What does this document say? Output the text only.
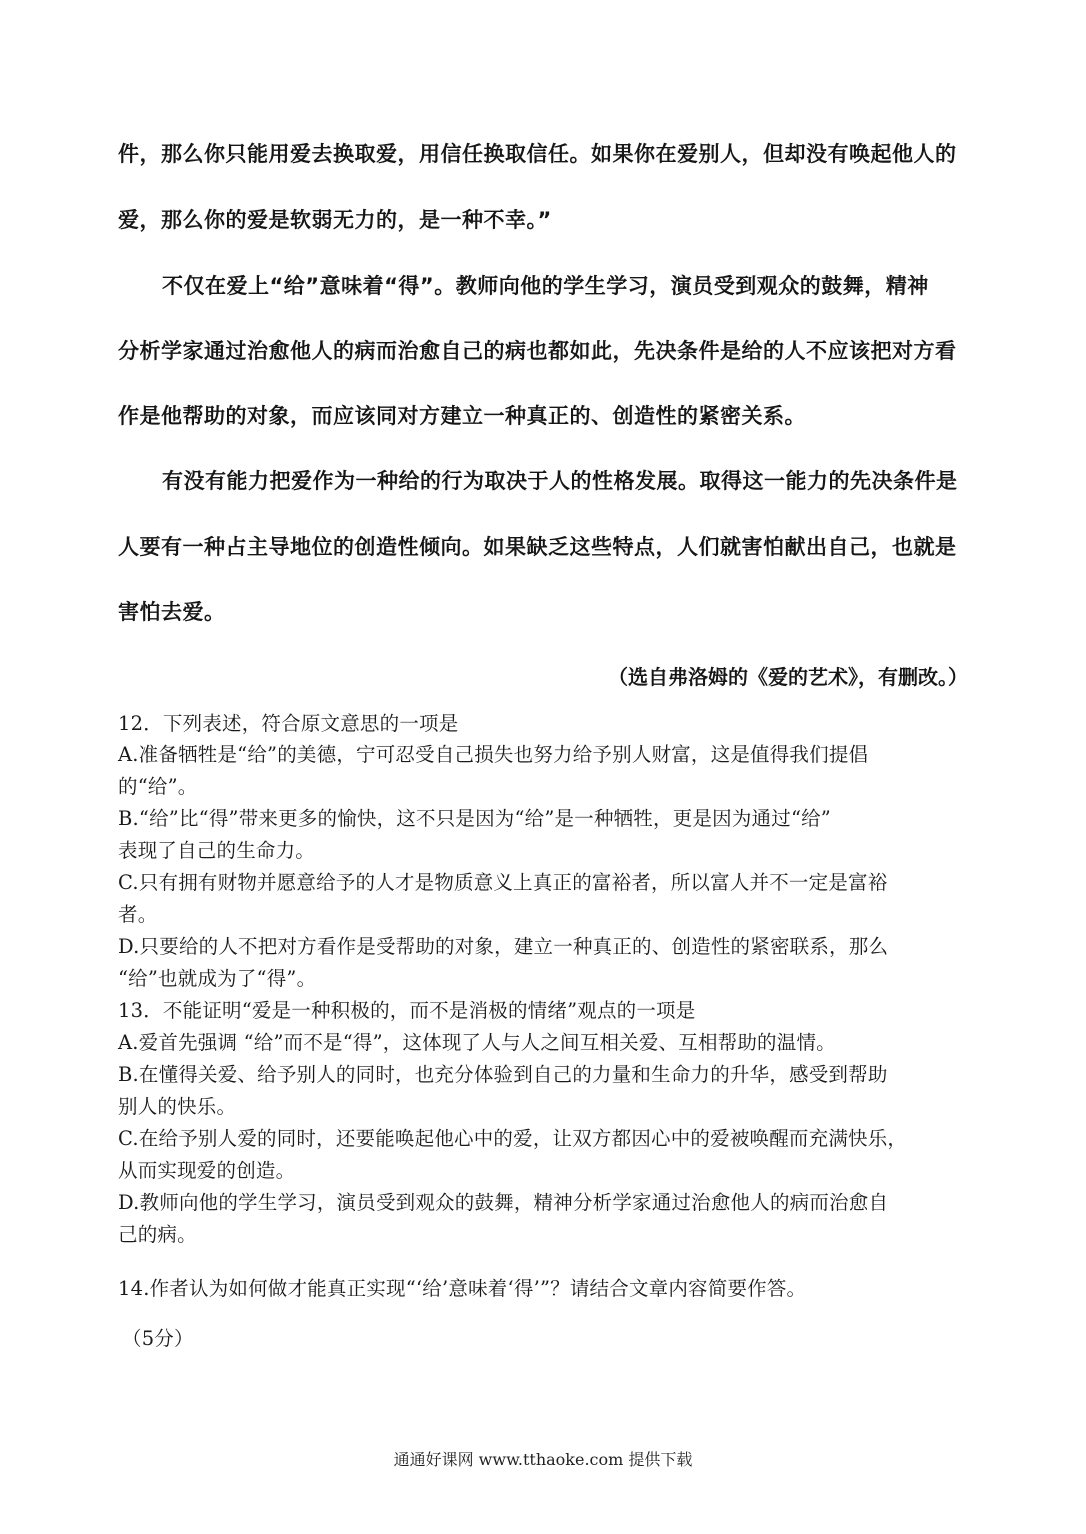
件，那么你只能用爱去换取爱，用信任换取信任。如果你在爱别人，但却没有唤起他人的
爱，那么你的爱是软弱无力的，是一种不幸。”
不仅在爱上“给”意味着“得”。教师向他的学生学习，演员受到观众的鼓舞，精神
分析学家通过治愈他人的病而治愈自己的病也都如此，先决条件是给的人不应该把对方看
作是他帮助的对象，而应该同对方建立一种真正的、创造性的紧密关系。
有没有能力把爱作为一种给的行为取决于人的性格发展。取得这一能力的先决条件是
人要有一种占主导地位的创造性倾向。如果缺乏这些特点，人们就害怕献出自己，也就是
害怕去爱。
（选自弗洛姆的《爱的艺术》，有删改。）
12．下列表述，符合原文意思的一项是
A.准备牺牲是“给”的美德，宁可忍受自己损失也努力给予别人财富，这是值得我们提倡
的“给”。
B.“给”比“得”带来更多的愉快，这不只是因为“给”是一种牺牲，更是因为通过“给”
表现了自己的生命力。
C.只有拥有财物并愿意给予的人才是物质意义上真正的富裕者，所以富人并不一定是富裕
者。
D.只要给的人不把对方看作是受帮助的对象，建立一种真正的、创造性的紧密联系，那么
“给”也就成为了“得”。
13．不能证明“爱是一种积极的，而不是消极的情绪”观点的一项是
A.爱首先强调 “给”而不是“得”，这体现了人与人之间互相关爱、互相帮助的温情。
B.在懂得关爱、给予别人的同时，也充分体验到自己的力量和生命力的升华，感受到帮助
别人的快乐。
C.在给予别人爱的同时，还要能唤起他心中的爱，让双方都因心中的爱被唤醒而充满快乐，
从而实现爱的创造。
D.教师向他的学生学习，演员受到观众的鼓舞，精神分析学家通过治愈他人的病而治愈自
己的病。
14.作者认为如何做才能真正实现“‘给’意味着‘得’”？请结合文章内容简要作答。
（5分）
通通好课网 www.tthaoke.com 提供下载
